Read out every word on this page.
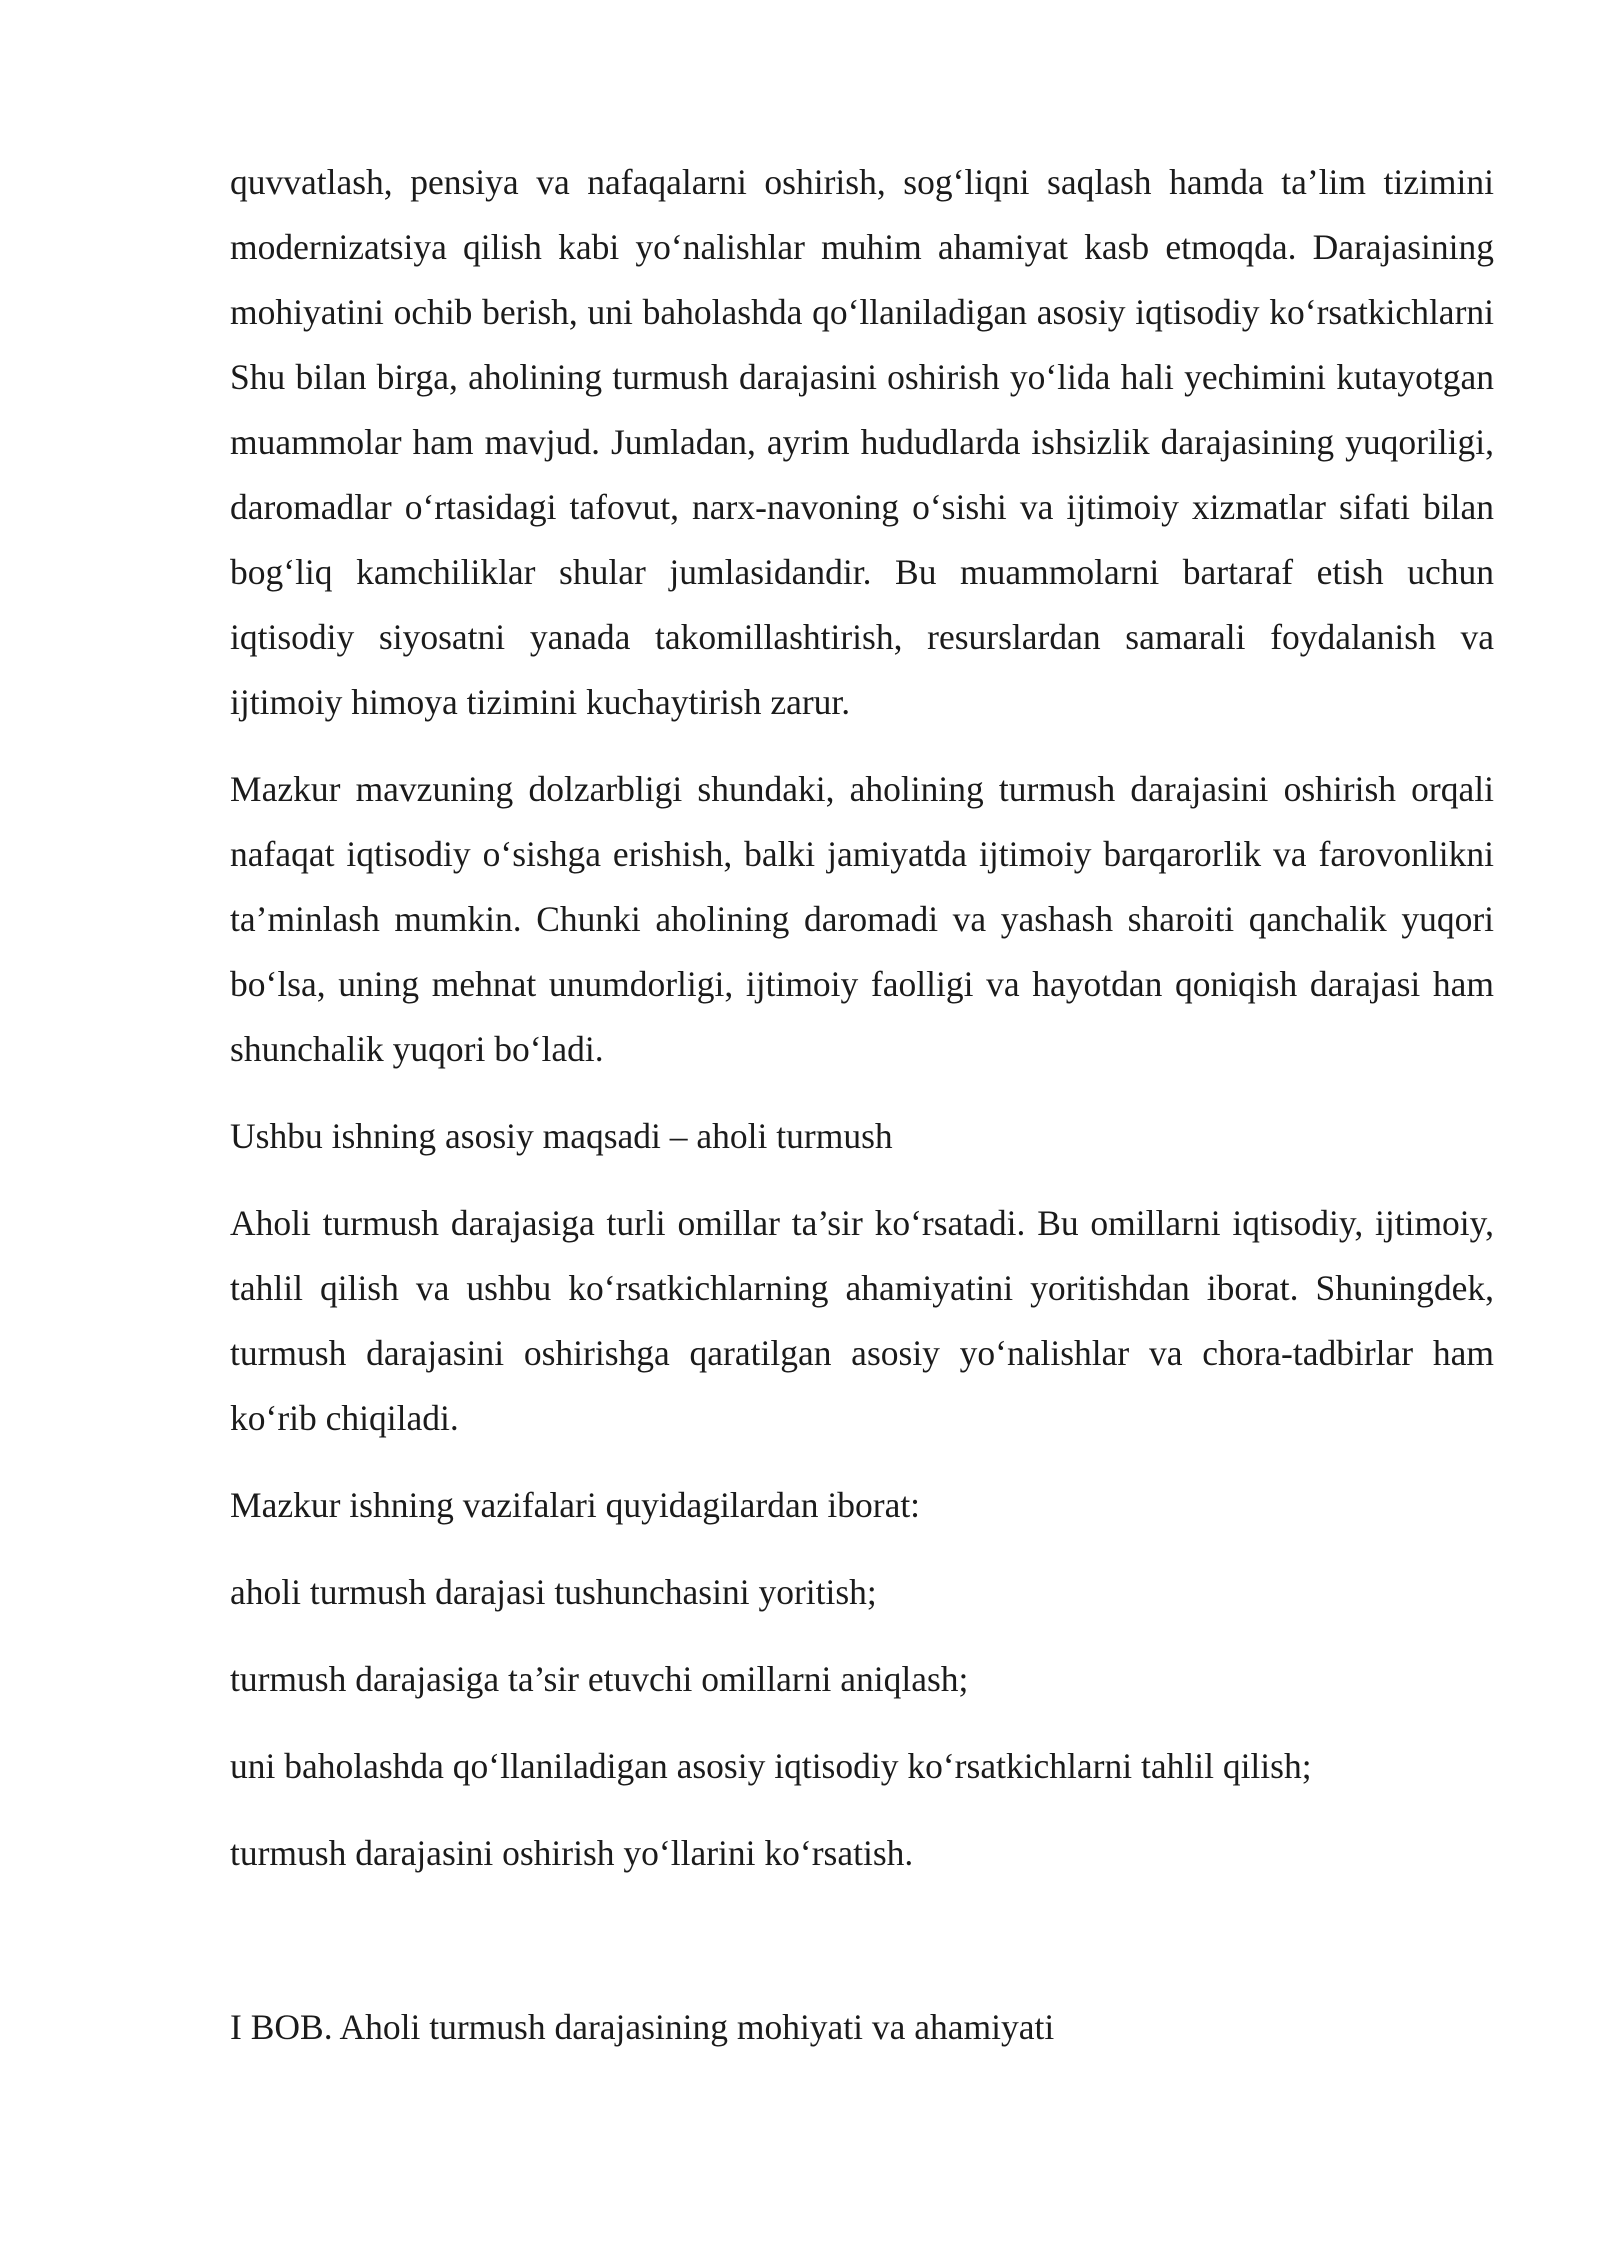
quvvatlash, pensiya va nafaqalarni oshirish, sog‘liqni saqlash hamda ta’lim tizimini modernizatsiya qilish kabi yo‘nalishlar muhim ahamiyat kasb etmoqda. Darajasining mohiyatini ochib berish, uni baholashda qo‘llaniladigan asosiy iqtisodiy ko‘rsatkichlarni Shu bilan birga, aholining turmush darajasini oshirish yo‘lida hali yechimini kutayotgan muammolar ham mavjud. Jumladan, ayrim hududlarda ishsizlik darajasining yuqoriligi, daromadlar o‘rtasidagi tafovut, narx-navoning o‘sishi va ijtimoiy xizmatlar sifati bilan bog‘liq kamchiliklar shular jumlasidandir. Bu muammolarni bartaraf etish uchun iqtisodiy siyosatni yanada takomillashtirish, resurslardan samarali foydalanish va ijtimoiy himoya tizimini kuchaytirish zarur.

Mazkur mavzuning dolzarbligi shundaki, aholining turmush darajasini oshirish orqali nafaqat iqtisodiy o‘sishga erishish, balki jamiyatda ijtimoiy barqarorlik va farovonlikni ta’minlash mumkin. Chunki aholining daromadi va yashash sharoiti qanchalik yuqori bo‘lsa, uning mehnat unumdorligi, ijtimoiy faolligi va hayotdan qoniqish darajasi ham shunchalik yuqori bo‘ladi.

Ushbu ishning asosiy maqsadi – aholi turmush

Aholi turmush darajasiga turli omillar ta’sir ko‘rsatadi. Bu omillarni iqtisodiy, ijtimoiy, tahlil qilish va ushbu ko‘rsatkichlarning ahamiyatini yoritishdan iborat. Shuningdek, turmush darajasini oshirishga qaratilgan asosiy yo‘nalishlar va chora-tadbirlar ham ko‘rib chiqiladi.

Mazkur ishning vazifalari quyidagilardan iborat:

aholi turmush darajasi tushunchasini yoritish;

turmush darajasiga ta’sir etuvchi omillarni aniqlash;

uni baholashda qo‘llaniladigan asosiy iqtisodiy ko‘rsatkichlarni tahlil qilish;

turmush darajasini oshirish yo‘llarini ko‘rsatish.

I BOB. Aholi turmush darajasining mohiyati va ahamiyati
